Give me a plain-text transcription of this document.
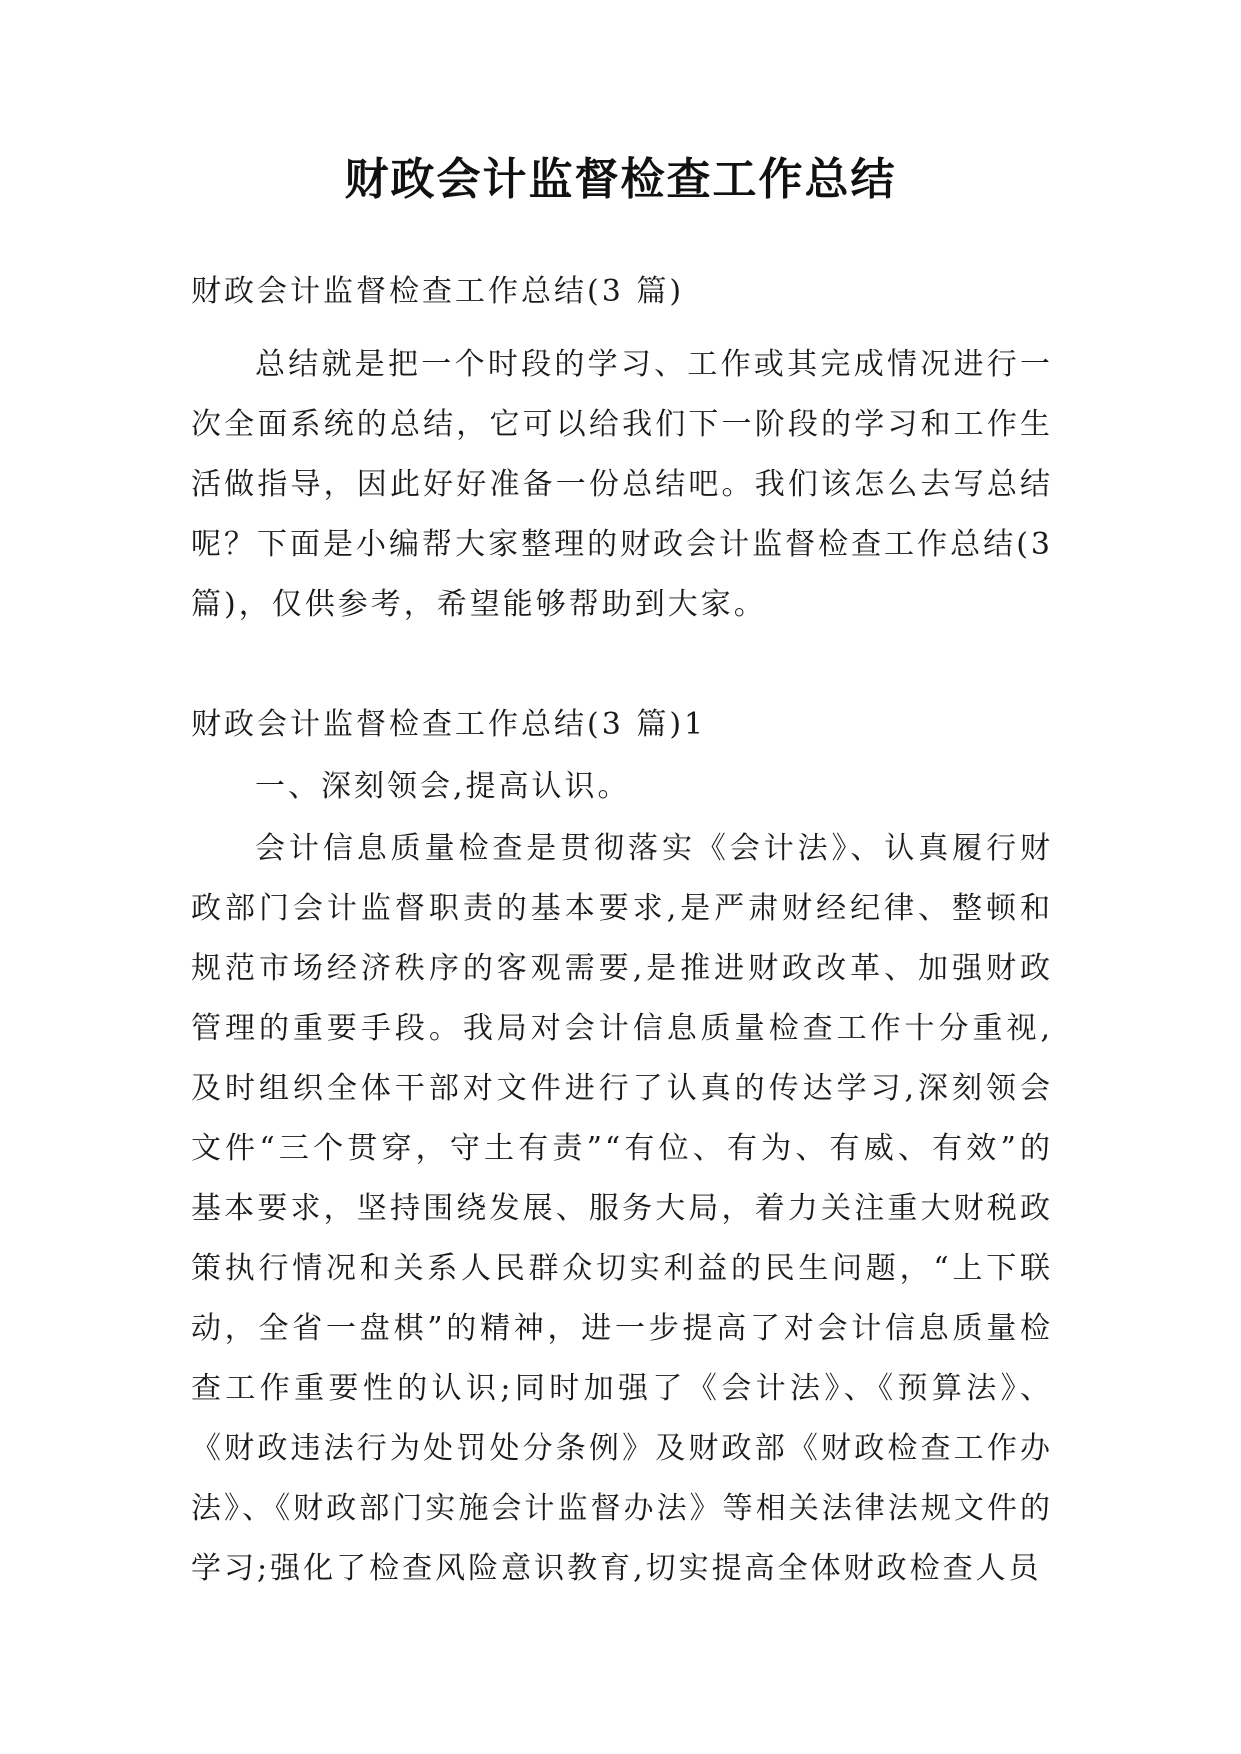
财政会计监督检查工作总结

财政会计监督检查工作总结(3 篇)

总结就是把一个时段的学习、工作或其完成情况进行一次全面系统的总结，它可以给我们下一阶段的学习和工作生活做指导，因此好好准备一份总结吧。我们该怎么去写总结呢？下面是小编帮大家整理的财政会计监督检查工作总结(3篇)，仅供参考，希望能够帮助到大家。

财政会计监督检查工作总结(3 篇)1

一、深刻领会,提高认识。

会计信息质量检查是贯彻落实《会计法》、认真履行财政部门会计监督职责的基本要求,是严肃财经纪律、整顿和规范市场经济秩序的客观需要,是推进财政改革、加强财政管理的重要手段。我局对会计信息质量检查工作十分重视,及时组织全体干部对文件进行了认真的传达学习,深刻领会文件“三个贯穿，守土有责”“有位、有为、有威、有效”的基本要求，坚持围绕发展、服务大局，着力关注重大财税政策执行情况和关系人民群众切实利益的民生问题，“上下联动，全省一盘棋”的精神，进一步提高了对会计信息质量检查工作重要性的认识;同时加强了《会计法》、《预算法》、《财政违法行为处罚处分条例》及财政部《财政检查工作办法》、《财政部门实施会计监督办法》等相关法律法规文件的学习;强化了检查风险意识教育,切实提高全体财政检查人员
